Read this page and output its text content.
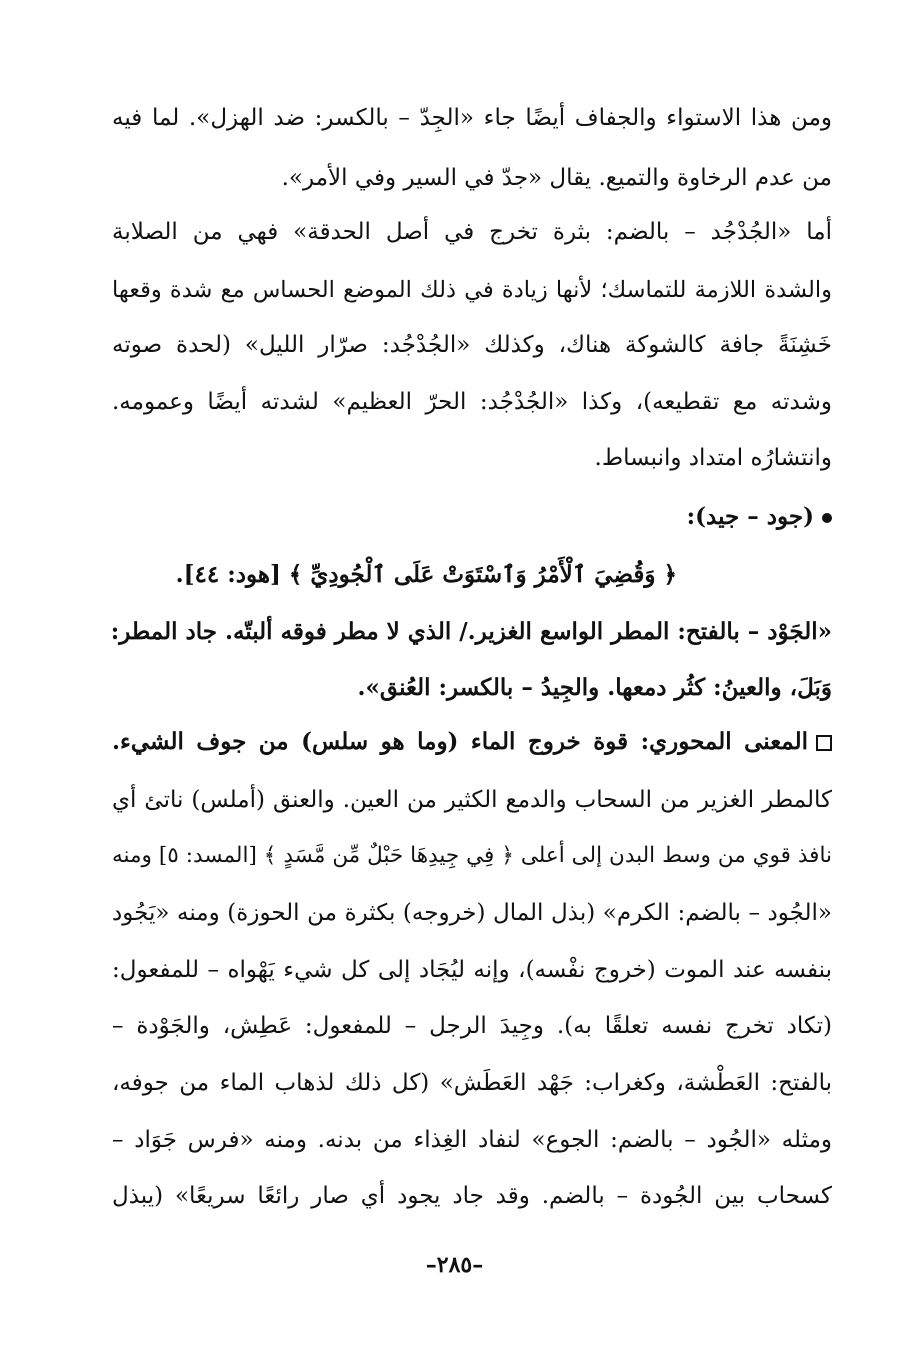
ومن هذا الاستواء والجفاف أيضًا جاء «الجِدّ – بالكسر: ضد الهزل». لما فيه
من عدم الرخاوة والتميع. يقال «جدّ في السير وفي الأمر».
أما «الجُدْجُد – بالضم: بثرة تخرج في أصل الحدقة» فهي من الصلابة
والشدة اللازمة للتماسك؛ لأنها زيادة في ذلك الموضع الحساس مع شدة وقعها
خَشِنَةً جافة كالشوكة هناك، وكذلك «الجُدْجُد: صرّار الليل» (لحدة صوته
وشدته مع تقطيعه)، وكذا «الجُدْجُد: الحرّ العظيم» لشدته أيضًا وعمومه.
وانتشارُه امتداد وانبساط.
(جود – جيد):
﴿ وَقُضِيَ ٱلْأَمْرُ وَٱسْتَوَتْ عَلَى ٱلْجُودِيِّ ﴾ [هود: ٤٤].
«الجَوْد – بالفتح: المطر الواسع الغزير./ الذي لا مطر فوقه ألبتّه. جاد المطر:
وَبَلَ، والعينُ: كثُر دمعها. والجِيدُ – بالكسر: العُنق».
المعنى المحوري: قوة خروج الماء (وما هو سلس) من جوف الشيء.
كالمطر الغزير من السحاب والدمع الكثير من العين. والعنق (أملس) ناتئ أي
نافذ قوي من وسط البدن إلى أعلى ﴿ فِي جِيدِهَا حَبْلٌ مِّن مَّسَدٍ ﴾ [المسد: ٥] ومنه
«الجُود – بالضم: الكرم» (بذل المال (خروجه) بكثرة من الحوزة) ومنه «يَجُود
بنفسه عند الموت (خروج نفْسه)، وإنه ليُجَاد إلى كل شيء يَهْواه – للمفعول:
(تكاد تخرج نفسه تعلقًا به). وجِيدَ الرجل – للمفعول: عَطِش، والجَوْدة –
بالفتح: العَطْشة، وكغراب: جَهْد العَطَش» (كل ذلك لذهاب الماء من جوفه،
ومثله «الجُود – بالضم: الجوع» لنفاد الغِذاء من بدنه. ومنه «فرس جَوَاد –
كسحاب بين الجُودة – بالضم. وقد جاد يجود أي صار رائعًا سريعًا» (يبذل
–٢٨٥–
